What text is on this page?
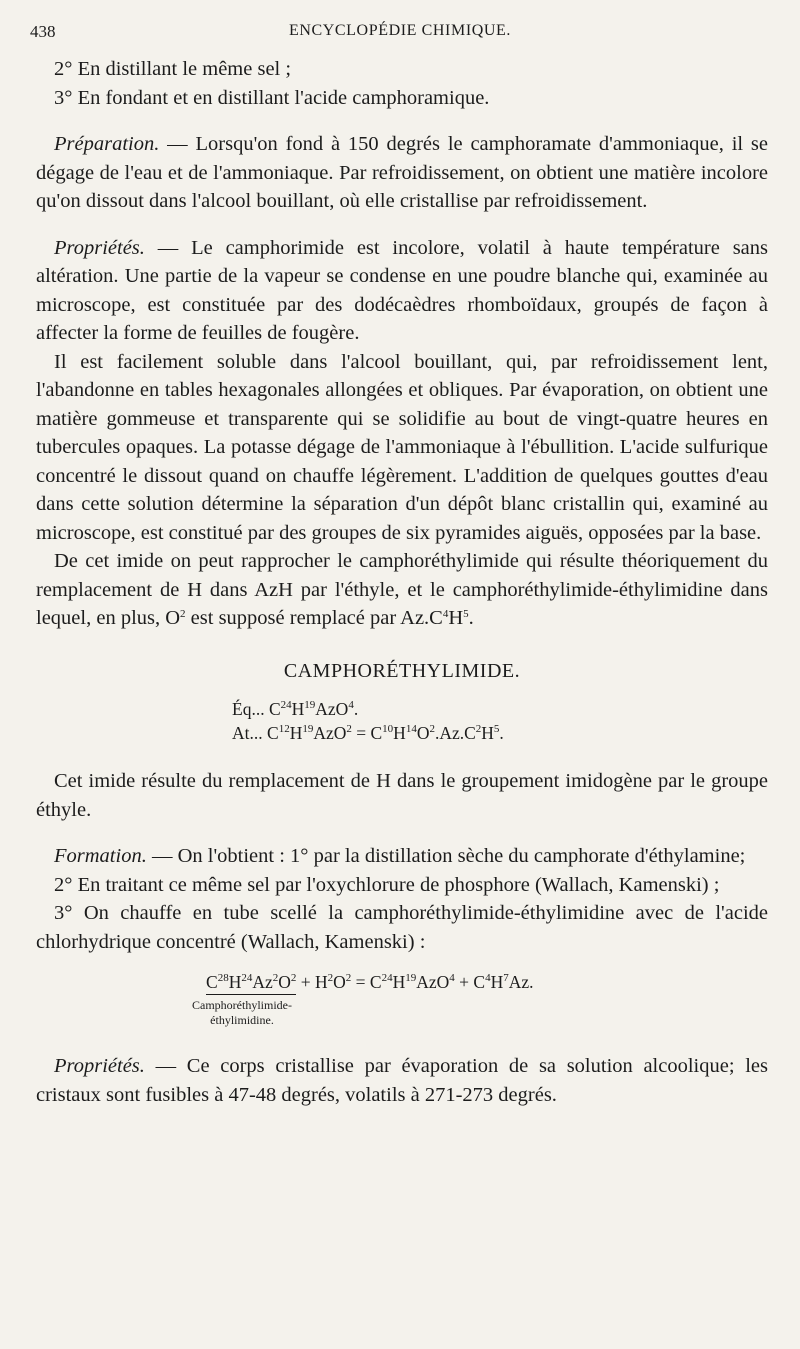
438	ENCYCLOPÉDIE CHIMIQUE.

2° En distillant le même sel ;

3° En fondant et en distillant l'acide camphoramique.

Préparation. — Lorsqu'on fond à 150 degrés le camphoramate d'ammoniaque, il se dégage de l'eau et de l'ammoniaque. Par refroidissement, on obtient une matière incolore qu'on dissout dans l'alcool bouillant, où elle cristallise par refroidissement.

Propriétés. — Le camphorimide est incolore, volatil à haute température sans altération. Une partie de la vapeur se condense en une poudre blanche qui, examinée au microscope, est constituée par des dodécaèdres rhomboïdaux, groupés de façon à affecter la forme de feuilles de fougère.

Il est facilement soluble dans l'alcool bouillant, qui, par refroidissement lent, l'abandonne en tables hexagonales allongées et obliques. Par évaporation, on obtient une matière gommeuse et transparente qui se solidifie au bout de vingt-quatre heures en tubercules opaques. La potasse dégage de l'ammoniaque à l'ébullition. L'acide sulfurique concentré le dissout quand on chauffe légèrement. L'addition de quelques gouttes d'eau dans cette solution détermine la séparation d'un dépôt blanc cristallin qui, examiné au microscope, est constitué par des groupes de six pyramides aiguës, opposées par la base.

De cet imide on peut rapprocher le camphoréthylimide qui résulte théoriquement du remplacement de H dans AzH par l'éthyle, et le camphoréthylimide-éthylimidine dans lequel, en plus, $O^2$ est supposé remplacé par $Az.C^4H^5$.

CAMPHORÉTHYLIMIDE.

Éq... $C^{24}H^{19}AzO^4$.
At... $C^{12}H^{19}AzO^2 = C^{10}H^{14}O^2.Az.C^2H^5$.

Cet imide résulte du remplacement de H dans le groupement imidogène par le groupe éthyle.

Formation. — On l'obtient : 1° par la distillation sèche du camphorate d'éthylamine;

2° En traitant ce même sel par l'oxychlorure de phosphore (Wallach, Kamenski) ;

3° On chauffe en tube scellé la camphoréthylimide-éthylimidine avec de l'acide chlorhydrique concentré (Wallach, Kamenski) :

$C^{28}H^{24}Az^2O^2 + H^2O^2 = C^{24}H^{19}AzO^4 + C^4H^7Az$.
Camphoréthylimide-
éthylimidine.

Propriétés. — Ce corps cristallise par évaporation de sa solution alcoolique; les cristaux sont fusibles à 47-48 degrés, volatils à 271-273 degrés.
